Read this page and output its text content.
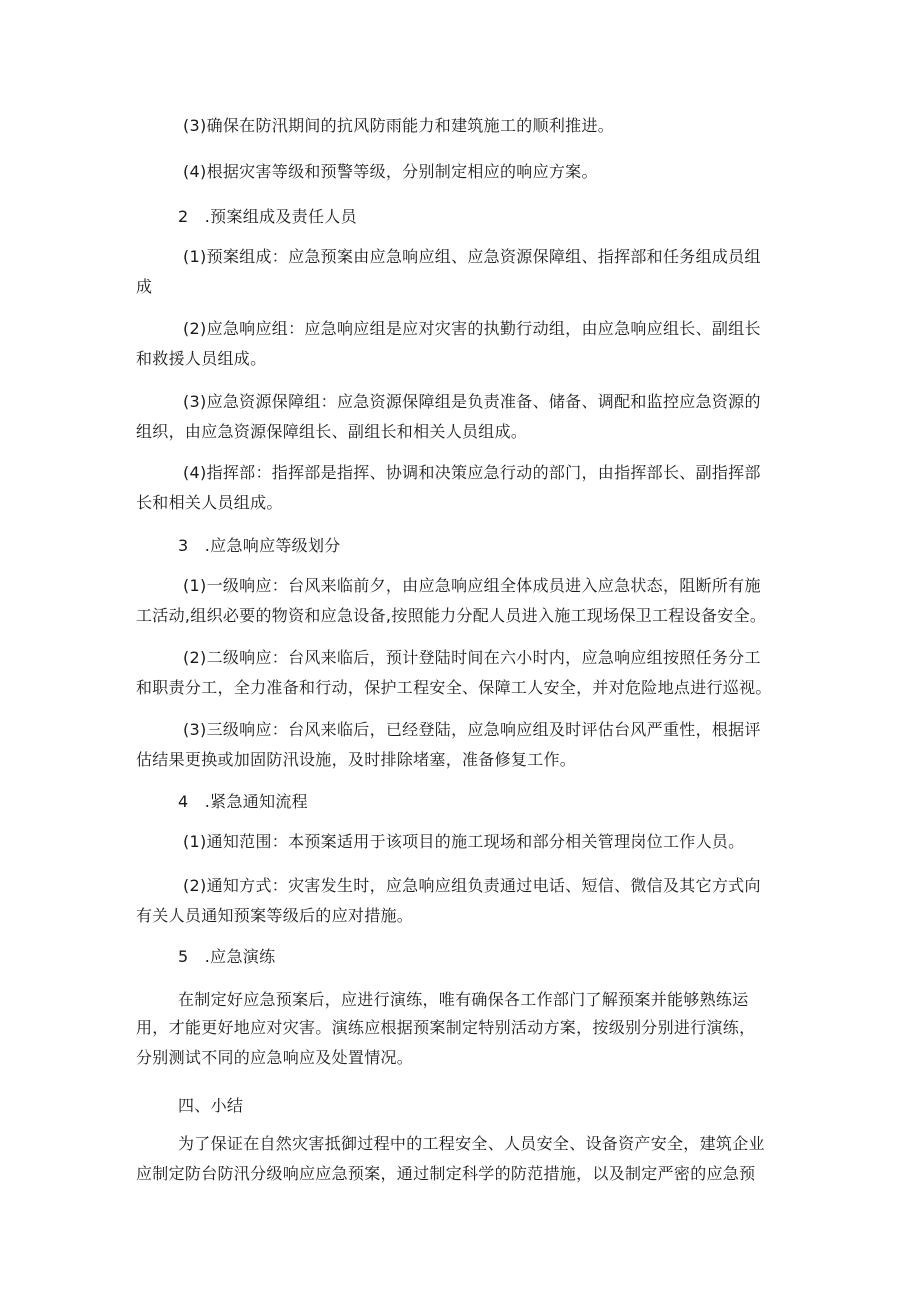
(3)确保在防汛期间的抗风防雨能力和建筑施工的顺利推进。
(4)根据灾害等级和预警等级，分别制定相应的响应方案。
2　.预案组成及责任人员
(1)预案组成：应急预案由应急响应组、应急资源保障组、指挥部和任务组成员组
成
(2)应急响应组：应急响应组是应对灾害的执勤行动组，由应急响应组长、副组长
和救援人员组成。
(3)应急资源保障组：应急资源保障组是负责准备、储备、调配和监控应急资源的
组织，由应急资源保障组长、副组长和相关人员组成。
(4)指挥部：指挥部是指挥、协调和决策应急行动的部门，由指挥部长、副指挥部
长和相关人员组成。
3　.应急响应等级划分
(1)一级响应：台风来临前夕，由应急响应组全体成员进入应急状态，阻断所有施
工活动,组织必要的物资和应急设备,按照能力分配人员进入施工现场保卫工程设备安全。
(2)二级响应：台风来临后，预计登陆时间在六小时内，应急响应组按照任务分工
和职责分工，全力准备和行动，保护工程安全、保障工人安全，并对危险地点进行巡视。
(3)三级响应：台风来临后，已经登陆，应急响应组及时评估台风严重性，根据评
估结果更换或加固防汛设施，及时排除堵塞，准备修复工作。
4　.紧急通知流程
(1)通知范围：本预案适用于该项目的施工现场和部分相关管理岗位工作人员。
(2)通知方式：灾害发生时，应急响应组负责通过电话、短信、微信及其它方式向
有关人员通知预案等级后的应对措施。
5　.应急演练
在制定好应急预案后，应进行演练，唯有确保各工作部门了解预案并能够熟练运
用，才能更好地应对灾害。演练应根据预案制定特别活动方案，按级别分别进行演练，
分别测试不同的应急响应及处置情况。
四、小结
为了保证在自然灾害抵御过程中的工程安全、人员安全、设备资产安全，建筑企业
应制定防台防汛分级响应应急预案，通过制定科学的防范措施，以及制定严密的应急预
